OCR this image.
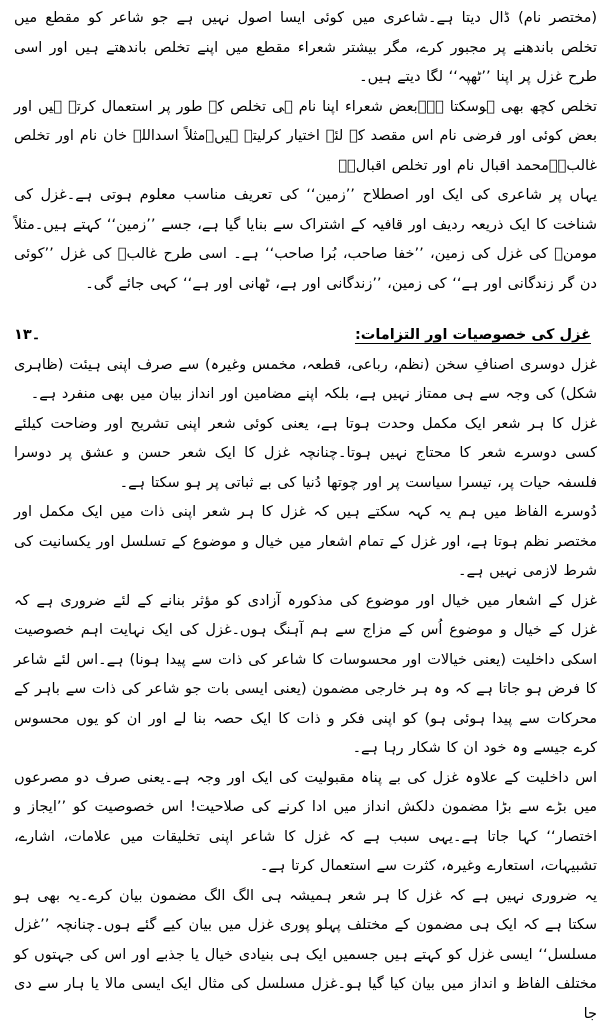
(مختصر نام) ڈال دیتا ہے۔شاعری میں کوئی ایسا اصول نہیں ہے جو شاعر کو مقطع میں تخلص باندھنے پر مجبور کرے، مگر بیشتر شعراء مقطع میں اپنے تخلص باندھتے ہیں اور اسی طرح غزل پر اپنا ’’ٹھپہ‘‘ لگا دیتے ہیں۔

تخلص کچھ بھی ہوسکتا ہے۔بعض شعراء اپنا نام ہی تخلص کے طور پر استعمال کرتے ہیں اور بعض کوئی اور فرضی نام اس مقصد کے لئے اختیار کرلیتے ہیں۔مثلاً اسداللہ خان نام اور تخلص غالبؔ۔محمد اقبال نام اور تخلص اقبالؔ۔

یہاں پر شاعری کی ایک اور اصطلاح ’’زمین‘‘ کی تعریف مناسب معلوم ہوتی ہے۔غزل کی شناخت کا ایک ذریعہ ردیف اور قافیہ کے اشتراک سے بنایا گیا ہے، جسے ’’زمین‘‘ کہتے ہیں۔مثلاً مومنؔ کی غزل کی زمین، ’’خفا صاحب، بُرا صاحب‘‘ ہے۔ اسی طرح غالبؔ کی غزل ’’کوئی دن گر زندگانی اور ہے‘‘ کی زمین، ’’زندگانی اور ہے، ٹھانی اور ہے‘‘ کہی جائے گی۔

غزل کی خصوصیات اور التزامات:
۱۔۳

غزل دوسری اصنافِ سخن (نظم، رباعی، قطعہ، مخمس وغیرہ) سے صرف اپنی ہیئت (ظاہری شکل) کی وجہ سے ہی ممتاز نہیں ہے، بلکہ اپنے مضامین اور انداز بیان میں بھی منفرد ہے۔

غزل کا ہر شعر ایک مکمل وحدت ہوتا ہے، یعنی کوئی شعر اپنی تشریح اور وضاحت کیلئے کسی دوسرے شعر کا محتاج نہیں ہوتا۔چنانچہ غزل کا ایک شعر حسن و عشق پر دوسرا فلسفہ حیات پر، تیسرا سیاست پر اور چوتھا دُنیا کی بے ثباتی پر ہو سکتا ہے۔

دُوسرے الفاظ میں ہم یہ کہہ سکتے ہیں کہ غزل کا ہر شعر اپنی ذات میں ایک مکمل اور مختصر نظم ہوتا ہے، اور غزل کے تمام اشعار میں خیال و موضوع کے تسلسل اور یکسانیت کی شرط لازمی نہیں ہے۔

غزل کے اشعار میں خیال اور موضوع کی مذکورہ آزادی کو مؤثر بنانے کے لئے ضروری ہے کہ غزل کے خیال و موضوع اُس کے مزاج سے ہم آہنگ ہوں۔غزل کی ایک نہایت اہم خصوصیت اسکی داخلیت (یعنی خیالات اور محسوسات کا شاعر کی ذات سے پیدا ہونا) ہے۔اس لئے شاعر کا فرض ہو جاتا ہے کہ وہ ہر خارجی مضمون (یعنی ایسی بات جو شاعر کی ذات سے باہر کے محرکات سے پیدا ہوئی ہو) کو اپنی فکر و ذات کا ایک حصہ بنا لے اور ان کو یوں محسوس کرے جیسے وہ خود ان کا شکار رہا ہے۔

اس داخلیت کے علاوہ غزل کی بے پناہ مقبولیت کی ایک اور وجہ ہے۔یعنی صرف دو مصرعوں میں بڑے سے بڑا مضمون دلکش انداز میں ادا کرنے کی صلاحیت! اس خصوصیت کو ’’ایجاز و اختصار‘‘ کہا جاتا ہے۔یہی سبب ہے کہ غزل کا شاعر اپنی تخلیقات میں علامات، اشارے، تشبیہات، استعارے وغیرہ، کثرت سے استعمال کرتا ہے۔

یہ ضروری نہیں ہے کہ غزل کا ہر شعر ہمیشہ ہی الگ الگ مضمون بیان کرے۔یہ بھی ہو سکتا ہے کہ ایک ہی مضمون کے مختلف پہلو پوری غزل میں بیان کیے گئے ہوں۔چنانچہ ’’غزل مسلسل‘‘ ایسی غزل کو کہتے ہیں جسمیں ایک ہی بنیادی خیال یا جذبے اور اس کی جہتوں کو مختلف الفاظ و انداز میں بیان کیا گیا ہو۔غزل مسلسل کی مثال ایک ایسی مالا یا ہار سے دی جا
